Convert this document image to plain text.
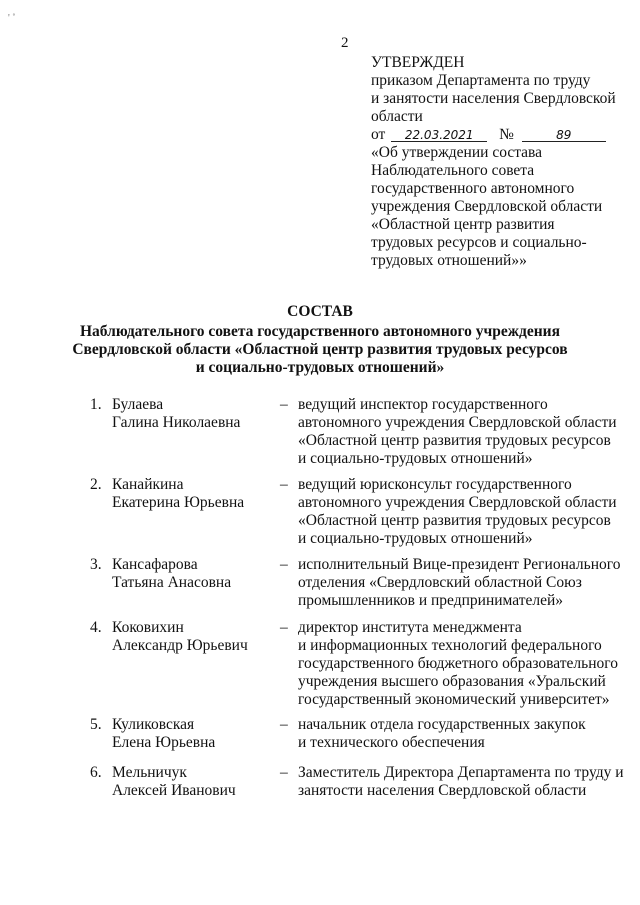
' ˚
2
УТВЕРЖДЕН
приказом Департамента по труду
и занятости населения Свердловской
области
от 22.03.2021 №	89
«Об утверждении состава
Наблюдательного совета
государственного автономного
учреждения Свердловской области
«Областной центр развития
трудовых ресурсов и социально-
трудовых отношений»»
СОСТАВ
Наблюдательного совета государственного автономного учреждения
Свердловской области «Областной центр развития трудовых ресурсов
и социально-трудовых отношений»
1. Булаева
Галина Николаевна
– ведущий инспектор государственного
автономного учреждения Свердловской области
«Областной центр развития трудовых ресурсов
и социально-трудовых отношений»
2. Канайкина
Екатерина Юрьевна
– ведущий юрисконсульт государственного
автономного учреждения Свердловской области
«Областной центр развития трудовых ресурсов
и социально-трудовых отношений»
3. Кансафарова
Татьяна Анасовна
– исполнительный Вице-президент Регионального
отделения «Свердловский областной Союз
промышленников и предпринимателей»
4. Коковихин
Александр Юрьевич
– директор института менеджмента
и информационных технологий федерального
государственного бюджетного образовательного
учреждения высшего образования «Уральский
государственный экономический университет»
5. Куликовская
Елена Юрьевна
– начальник отдела государственных закупок
и технического обеспечения
6. Мельничук
Алексей Иванович
– Заместитель Директора Департамента по труду и
занятости населения Свердловской области
